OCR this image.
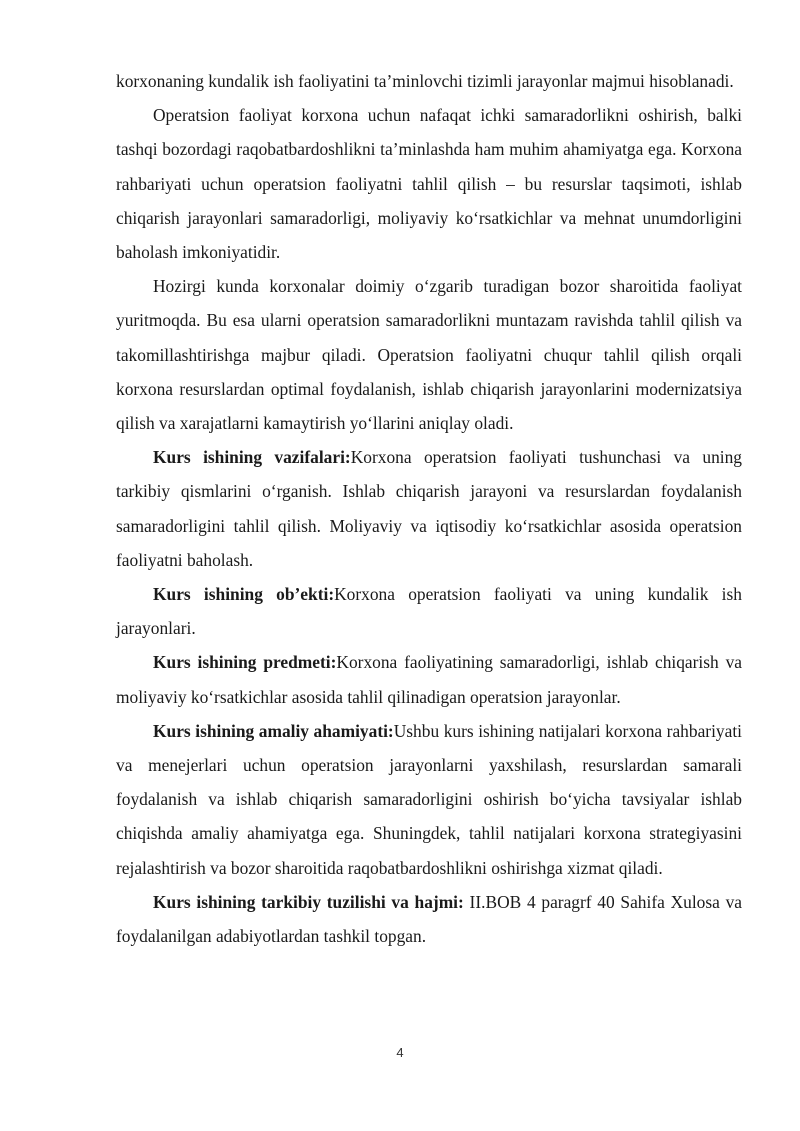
korxonaning kundalik ish faoliyatini ta’minlovchi tizimli jarayonlar majmui hisoblanadi.

Operatsion faoliyat korxona uchun nafaqat ichki samaradorlikni oshirish, balki tashqi bozordagi raqobatbardoshlikni ta’minlashda ham muhim ahamiyatga ega. Korxona rahbariyati uchun operatsion faoliyatni tahlil qilish – bu resurslar taqsimoti, ishlab chiqarish jarayonlari samaradorligi, moliyaviy ko‘rsatkichlar va mehnat unumdorligini baholash imkoniyatidir.

Hozirgi kunda korxonalar doimiy o‘zgarib turadigan bozor sharoitida faoliyat yuritmoqda. Bu esa ularni operatsion samaradorlikni muntazam ravishda tahlil qilish va takomillashtirishga majbur qiladi. Operatsion faoliyatni chuqur tahlil qilish orqali korxona resurslardan optimal foydalanish, ishlab chiqarish jarayonlarini modernizatsiya qilish va xarajatlarni kamaytirish yo‘llarini aniqlay oladi.

Kurs ishining vazifalari:Korxona operatsion faoliyati tushunchasi va uning tarkibiy qismlarini o‘rganish. Ishlab chiqarish jarayoni va resurslardan foydalanish samaradorligini tahlil qilish. Moliyaviy va iqtisodiy ko‘rsatkichlar asosida operatsion faoliyatni baholash.

Kurs ishining ob’ekti:Korxona operatsion faoliyati va uning kundalik ish jarayonlari.

Kurs ishining predmeti:Korxona faoliyatining samaradorligi, ishlab chiqarish va moliyaviy ko‘rsatkichlar asosida tahlil qilinadigan operatsion jarayonlar.

Kurs ishining amaliy ahamiyati:Ushbu kurs ishining natijalari korxona rahbariyati va menejerlari uchun operatsion jarayonlarni yaxshilash, resurslardan samarali foydalanish va ishlab chiqarish samaradorligini oshirish bo‘yicha tavsiyalar ishlab chiqishda amaliy ahamiyatga ega. Shuningdek, tahlil natijalari korxona strategiyasini rejalashtirish va bozor sharoitida raqobatbardoshlikni oshirishga xizmat qiladi.

Kurs ishining tarkibiy tuzilishi va hajmi: II.BOB 4 paragrf 40 Sahifa Xulosa va foydalanilgan adabiyotlardan tashkil topgan.

4
